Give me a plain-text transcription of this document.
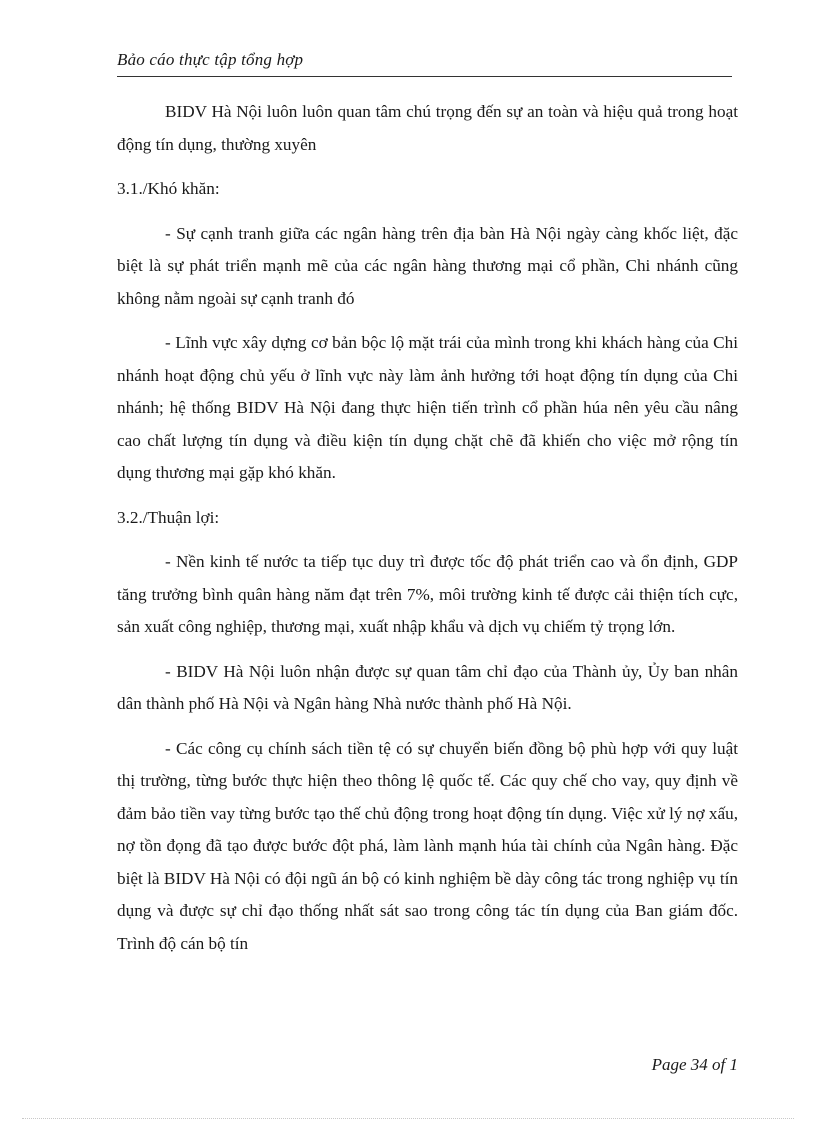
Bảo cáo thực tập tổng hợp

BIDV Hà Nội luôn luôn quan tâm chú trọng đến sự an toàn và hiệu quả trong hoạt động tín dụng, thường xuyên

3.1./Khó khăn:

- Sự cạnh tranh giữa các ngân hàng trên địa bàn Hà Nội ngày càng khốc liệt, đặc biệt là sự phát triển mạnh mẽ của các ngân hàng thương mại cổ phần, Chi nhánh cũng không nằm ngoài sự cạnh tranh đó

- Lĩnh vực xây dựng cơ bản bộc lộ mặt trái của mình trong khi khách hàng của Chi nhánh hoạt động chủ yếu ở lĩnh vực này làm ảnh hưởng tới hoạt động tín dụng của Chi nhánh; hệ thống BIDV Hà Nội đang thực hiện tiến trình cổ phần húa nên yêu cầu nâng cao chất lượng tín dụng và điều kiện tín dụng chặt chẽ đã khiến cho việc mở rộng tín dụng thương mại gặp khó khăn.

3.2./Thuận lợi:

- Nền kinh tế nước ta tiếp tục duy trì được tốc độ phát triển cao và ổn định, GDP tăng trưởng bình quân hàng năm đạt trên 7%, môi trường kinh tế được cải thiện tích cực, sản xuất công nghiệp, thương mại, xuất nhập khẩu và dịch vụ chiếm tỷ trọng lớn.

- BIDV Hà Nội luôn nhận được sự quan tâm chỉ đạo của Thành ủy, Ủy ban nhân dân thành phố Hà Nội và Ngân hàng Nhà nước thành phố Hà Nội.

- Các công cụ chính sách tiền tệ có sự chuyển biến đồng bộ phù hợp với quy luật thị trường, từng bước thực hiện theo thông lệ quốc tế. Các quy chế cho vay, quy định về đảm bảo tiền vay từng bước tạo thế chủ động trong hoạt động tín dụng. Việc xử lý nợ xấu, nợ tồn đọng đã tạo được bước đột phá, làm lành mạnh húa tài chính của Ngân hàng. Đặc biệt là BIDV Hà Nội có đội ngũ án bộ có kinh nghiệm bề dày công tác trong nghiệp vụ tín dụng và được sự chỉ đạo thống nhất sát sao trong công tác tín dụng của Ban giám đốc. Trình độ cán bộ tín

Page 34 of 1
